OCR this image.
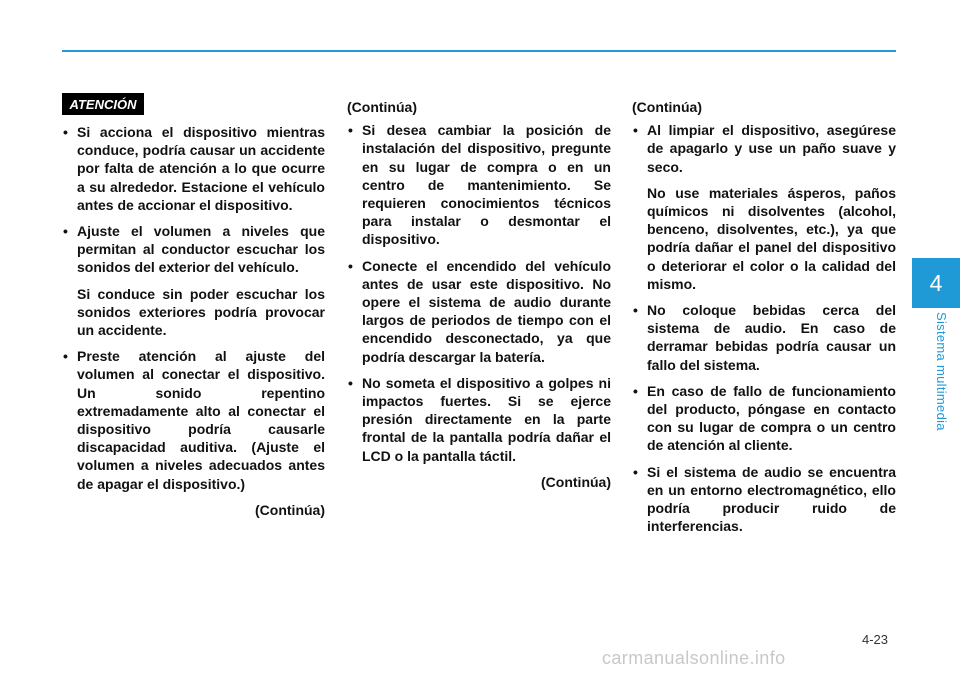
4
Sistema multimedia
ATENCIÓN
• Si acciona el dispositivo mientras conduce, podría causar un accidente por falta de atención a lo que ocurre a su alrededor. Estacione el vehículo antes de accionar el dispositivo.

• Ajuste el volumen a niveles que permitan al conductor escuchar los sonidos del exterior del vehículo.

Si conduce sin poder escuchar los sonidos exteriores podría provocar un accidente.

• Preste atención al ajuste del volumen al conectar el dispositivo. Un sonido repentino extremadamente alto al conectar el dispositivo podría causarle discapacidad auditiva. (Ajuste el volumen a niveles adecuados antes de apagar el dispositivo.)

(Continúa)
(Continúa)
• Si desea cambiar la posición de instalación del dispositivo, pregunte en su lugar de compra o en un centro de mantenimiento. Se requieren conocimientos técnicos para instalar o desmontar el dispositivo.

• Conecte el encendido del vehículo antes de usar este dispositivo. No opere el sistema de audio durante largos de periodos de tiempo con el encendido desconectado, ya que podría descargar la batería.

• No someta el dispositivo a golpes ni impactos fuertes. Si se ejerce presión directamente en la parte frontal de la pantalla podría dañar el LCD o la pantalla táctil.

(Continúa)
(Continúa)
• Al limpiar el dispositivo, asegúrese de apagarlo y use un paño suave y seco.

No use materiales ásperos, paños químicos ni disolventes (alcohol, benceno, disolventes, etc.), ya que podría dañar el panel del dispositivo o deteriorar el color o la calidad del mismo.

• No coloque bebidas cerca del sistema de audio. En caso de derramar bebidas podría causar un fallo del sistema.

• En caso de fallo de funcionamiento del producto, póngase en contacto con su lugar de compra o un centro de atención al cliente.

• Si el sistema de audio se encuentra en un entorno electromagnético, ello podría producir ruido de interferencias.

4-23
carmanualsonline.info
